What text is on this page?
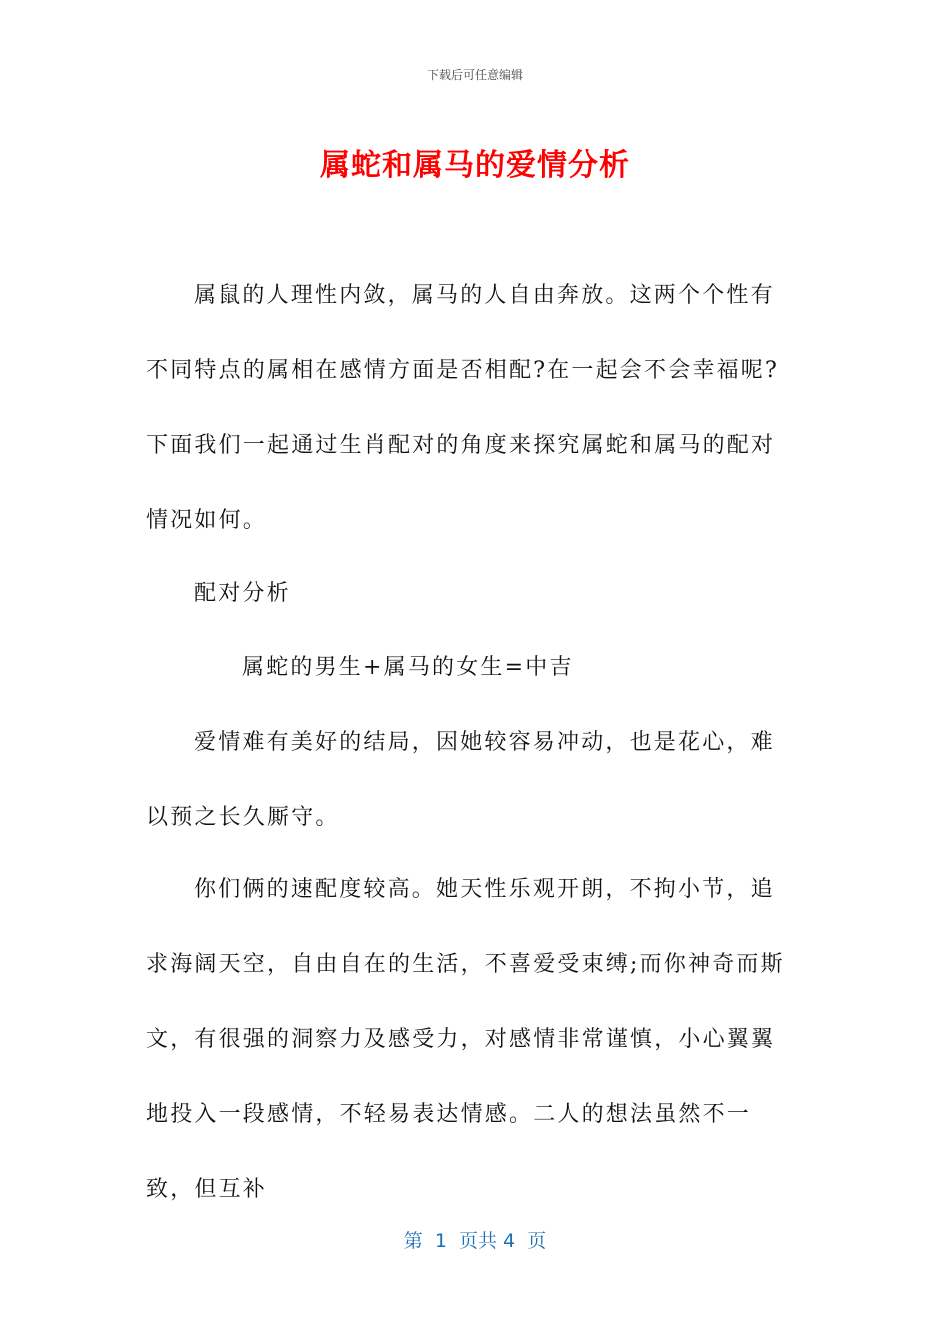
下载后可任意编辑
属蛇和属马的爱情分析
属鼠的人理性内敛，属马的人自由奔放。这两个个性有不同特点的属相在感情方面是否相配?在一起会不会幸福呢?下面我们一起通过生肖配对的角度来探究属蛇和属马的配对情况如何。
配对分析
属蛇的男生+属马的女生=中吉
爱情难有美好的结局，因她较容易冲动，也是花心，难以预之长久厮守。
你们俩的速配度较高。她天性乐观开朗，不拘小节，追求海阔天空，自由自在的生活，不喜爱受束缚;而你神奇而斯文，有很强的洞察力及感受力，对感情非常谨慎，小心翼翼地投入一段感情，不轻易表达情感。二人的想法虽然不一致，但互补
第  1  页共 4  页
